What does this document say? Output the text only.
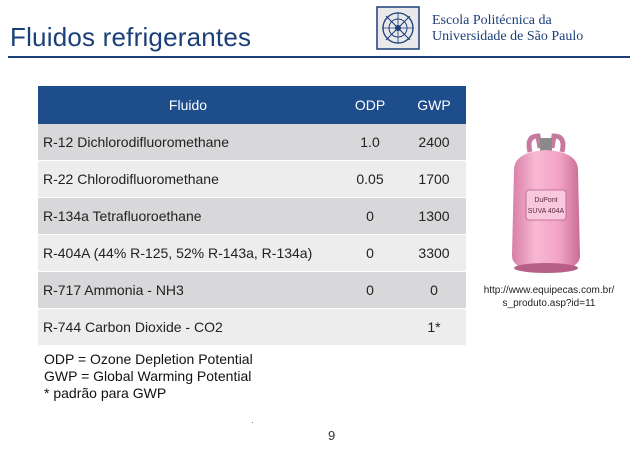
Fluidos refrigerantes
Escola Politécnica da
Universidade de São Paulo
Fluido	ODP	GWP
R-12 Dichlorodifluoromethane	1.0	2400
R-22 Chlorodifluoromethane	0.05	1700
R-134a Tetrafluoroethane	0	1300
R-404A (44% R-125, 52% R-143a, R-134a)	0	3300
R-717 Ammonia - NH3	0	0
R-744 Carbon Dioxide - CO2		1*
ODP = Ozone Depletion Potential
GWP = Global Warming Potential
* padrão para GWP
DuPont
SUVA 404A
http://www.equipecas.com.br/
s_produto.asp?id=11
·
9
